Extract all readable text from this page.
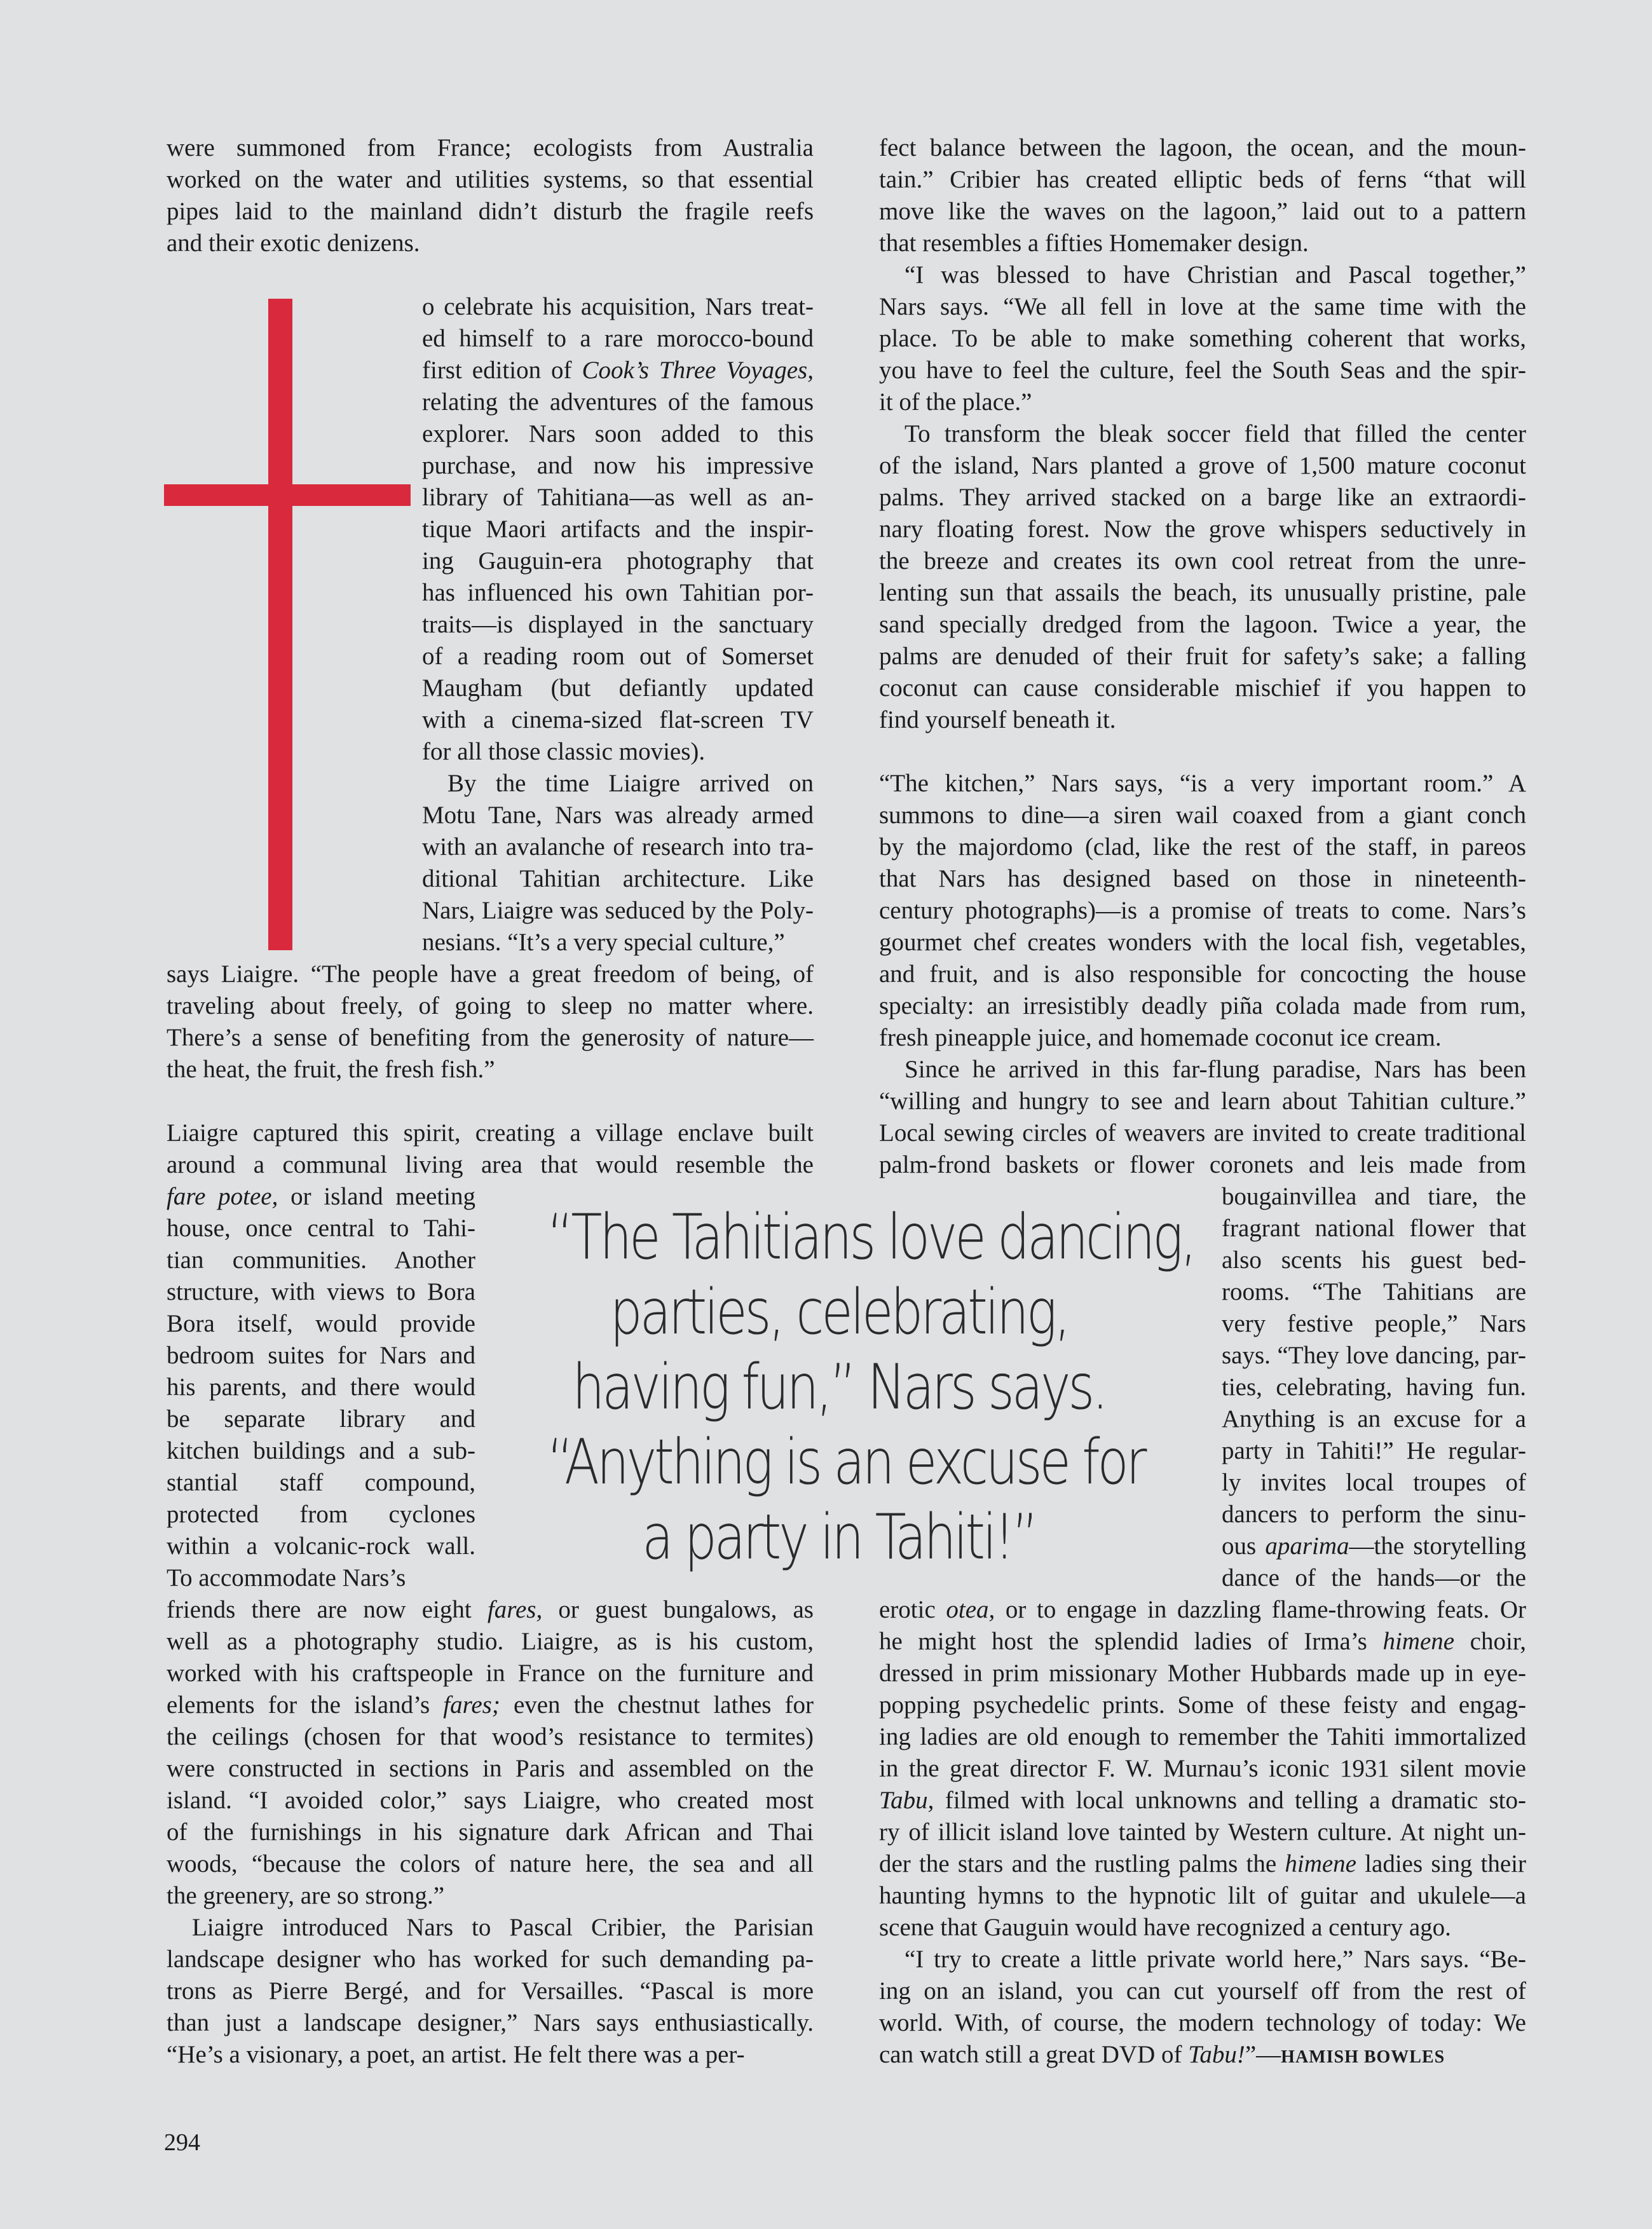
were summoned from France; ecologists from Australia
worked on the water and utilities systems, so that essential
pipes laid to the mainland didn’t disturb the fragile reefs
and their exotic denizens.
o celebrate his acquisition, Nars treat-
ed himself to a rare morocco-bound
first edition of Cook’s Three Voyages,
relating the adventures of the famous
explorer. Nars soon added to this
purchase, and now his impressive
library of Tahitiana—as well as an-
tique Maori artifacts and the inspir-
ing Gauguin-era photography that
has influenced his own Tahitian por-
traits—is displayed in the sanctuary
of a reading room out of Somerset
Maugham (but defiantly updated
with a cinema-sized flat-screen TV
for all those classic movies).
By the time Liaigre arrived on
Motu Tane, Nars was already armed
with an avalanche of research into tra-
ditional Tahitian architecture. Like
Nars, Liaigre was seduced by the Poly-
nesians. “It’s a very special culture,”
says Liaigre. “The people have a great freedom of being, of
traveling about freely, of going to sleep no matter where.
There’s a sense of benefiting from the generosity of nature—
the heat, the fruit, the fresh fish.”
Liaigre captured this spirit, creating a village enclave built
around a communal living area that would resemble the
fare potee, or island meeting
house, once central to Tahi-
tian communities. Another
structure, with views to Bora
Bora itself, would provide
bedroom suites for Nars and
his parents, and there would
be separate library and
kitchen buildings and a sub-
stantial staff compound,
protected from cyclones
within a volcanic-rock wall.
To accommodate Nars’s
friends there are now eight fares, or guest bungalows, as
well as a photography studio. Liaigre, as is his custom,
worked with his craftspeople in France on the furniture and
elements for the island’s fares; even the chestnut lathes for
the ceilings (chosen for that wood’s resistance to termites)
were constructed in sections in Paris and assembled on the
island. “I avoided color,” says Liaigre, who created most
of the furnishings in his signature dark African and Thai
woods, “because the colors of nature here, the sea and all
the greenery, are so strong.”
Liaigre introduced Nars to Pascal Cribier, the Parisian
landscape designer who has worked for such demanding pa-
trons as Pierre Bergé, and for Versailles. “Pascal is more
than just a landscape designer,” Nars says enthusiastically.
“He’s a visionary, a poet, an artist. He felt there was a per-
fect balance between the lagoon, the ocean, and the moun-
tain.” Cribier has created elliptic beds of ferns “that will
move like the waves on the lagoon,” laid out to a pattern
that resembles a fifties Homemaker design.
“I was blessed to have Christian and Pascal together,”
Nars says. “We all fell in love at the same time with the
place. To be able to make something coherent that works,
you have to feel the culture, feel the South Seas and the spir-
it of the place.”
To transform the bleak soccer field that filled the center
of the island, Nars planted a grove of 1,500 mature coconut
palms. They arrived stacked on a barge like an extraordi-
nary floating forest. Now the grove whispers seductively in
the breeze and creates its own cool retreat from the unre-
lenting sun that assails the beach, its unusually pristine, pale
sand specially dredged from the lagoon. Twice a year, the
palms are denuded of their fruit for safety’s sake; a falling
coconut can cause considerable mischief if you happen to
find yourself beneath it.
“The kitchen,” Nars says, “is a very important room.” A
summons to dine—a siren wail coaxed from a giant conch
by the majordomo (clad, like the rest of the staff, in pareos
that Nars has designed based on those in nineteenth-
century photographs)—is a promise of treats to come. Nars’s
gourmet chef creates wonders with the local fish, vegetables,
and fruit, and is also responsible for concocting the house
specialty: an irresistibly deadly piña colada made from rum,
fresh pineapple juice, and homemade coconut ice cream.
Since he arrived in this far-flung paradise, Nars has been
“willing and hungry to see and learn about Tahitian culture.”
Local sewing circles of weavers are invited to create traditional
palm-frond baskets or flower coronets and leis made from
bougainvillea and tiare, the
fragrant national flower that
also scents his guest bed-
rooms. “The Tahitians are
very festive people,” Nars
says. “They love dancing, par-
ties, celebrating, having fun.
Anything is an excuse for a
party in Tahiti!” He regular-
ly invites local troupes of
dancers to perform the sinu-
ous aparima—the storytelling
dance of the hands—or the
erotic otea, or to engage in dazzling flame-throwing feats. Or
he might host the splendid ladies of Irma’s himene choir,
dressed in prim missionary Mother Hubbards made up in eye-
popping psychedelic prints. Some of these feisty and engag-
ing ladies are old enough to remember the Tahiti immortalized
in the great director F. W. Murnau’s iconic 1931 silent movie
Tabu, filmed with local unknowns and telling a dramatic sto-
ry of illicit island love tainted by Western culture. At night un-
der the stars and the rustling palms the himene ladies sing their
haunting hymns to the hypnotic lilt of guitar and ukulele—a
scene that Gauguin would have recognized a century ago.
“I try to create a little private world here,” Nars says. “Be-
ing on an island, you can cut yourself off from the rest of
world. With, of course, the modern technology of today: We
can watch still a great DVD of Tabu!”—HAMISH BOWLES
“The Tahitians love dancing,
parties, celebrating,
having fun,” Nars says.
“Anything is an excuse for
a party in Tahiti!”
294
